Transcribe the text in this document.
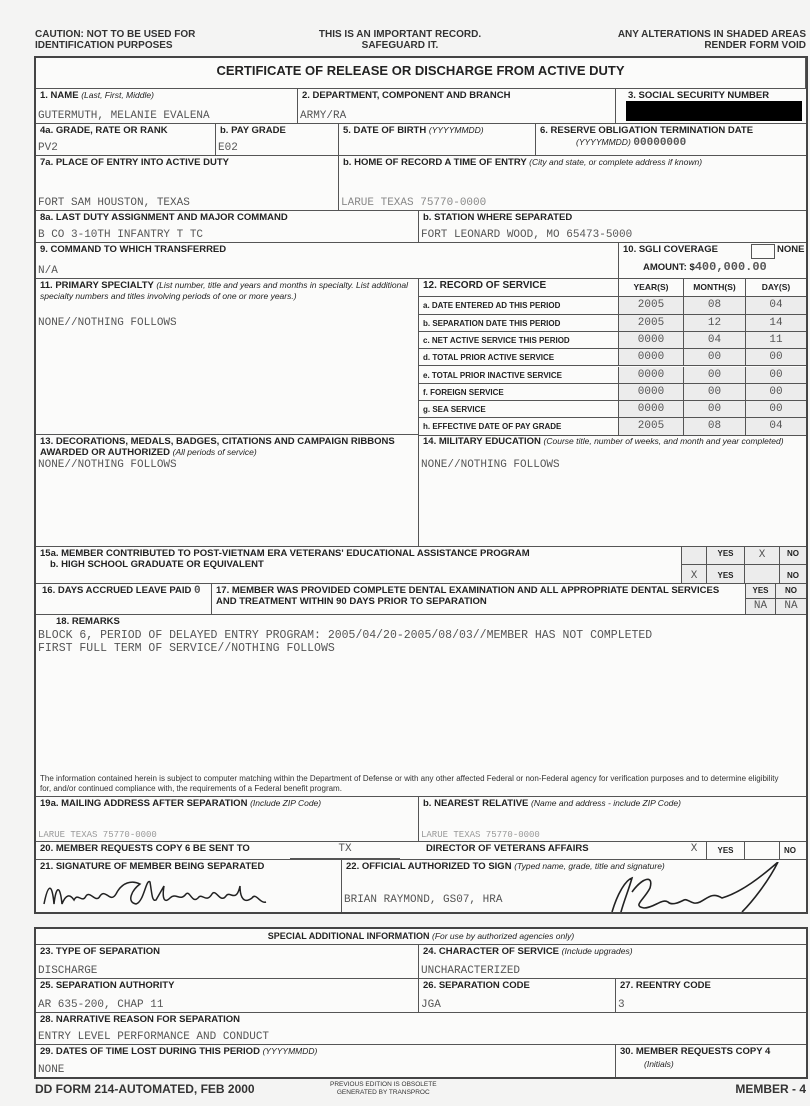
CAUTION: NOT TO BE USED FOR
IDENTIFICATION PURPOSES
THIS IS AN IMPORTANT RECORD.
SAFEGUARD IT.
ANY ALTERATIONS IN SHADED AREAS
RENDER FORM VOID
CERTIFICATE OF RELEASE OR DISCHARGE FROM ACTIVE DUTY
1. NAME (Last, First, Middle)
GUTERMUTH, MELANIE EVALENA
2. DEPARTMENT, COMPONENT AND BRANCH
ARMY/RA
3. SOCIAL SECURITY NUMBER
4a. GRADE, RATE OR RANK
PV2
b. PAY GRADE
E02
5. DATE OF BIRTH (YYYYMMDD)	6. RESERVE OBLIGATION TERMINATION DATE
(YYYYMMDD) 00000000
7a. PLACE OF ENTRY INTO ACTIVE DUTY
FORT SAM HOUSTON, TEXAS
b. HOME OF RECORD A TIME OF ENTRY (City and state, or complete address if known)
LARUE TEXAS 75770-0000
8a. LAST DUTY ASSIGNMENT AND MAJOR COMMAND
B CO 3-10TH INFANTRY T TC
b. STATION WHERE SEPARATED
FORT LEONARD WOOD, MO 65473-5000
9. COMMAND TO WHICH TRANSFERRED
N/A
10. SGLI COVERAGE	NONE
AMOUNT: $400,000.00
11. PRIMARY SPECIALTY (List number, title and years and months in specialty. List additional specialty numbers and titles involving periods of one or more years.)
NONE//NOTHING FOLLOWS
12. RECORD OF SERVICE	YEAR(S)	MONTH(S)	DAY(S)
a. DATE ENTERED AD THIS PERIOD	2005	08	04
b. SEPARATION DATE THIS PERIOD	2005	12	14
c. NET ACTIVE SERVICE THIS PERIOD	0000	04	11
d. TOTAL PRIOR ACTIVE SERVICE	0000	00	00
e. TOTAL PRIOR INACTIVE SERVICE	0000	00	00
f. FOREIGN SERVICE	0000	00	00
g. SEA SERVICE	0000	00	00
h. EFFECTIVE DATE OF PAY GRADE	2005	08	04
13. DECORATIONS, MEDALS, BADGES, CITATIONS AND CAMPAIGN RIBBONS AWARDED OR AUTHORIZED (All periods of service)
NONE//NOTHING FOLLOWS
14. MILITARY EDUCATION (Course title, number of weeks, and month and year completed)
NONE//NOTHING FOLLOWS
15a. MEMBER CONTRIBUTED TO POST-VIETNAM ERA VETERANS' EDUCATIONAL ASSISTANCE PROGRAM
b. HIGH SCHOOL GRADUATE OR EQUIVALENT
YES	X	NO
X	YES	NO
16. DAYS ACCRUED LEAVE PAID 0	17. MEMBER WAS PROVIDED COMPLETE DENTAL EXAMINATION AND ALL APPROPRIATE DENTAL SERVICES AND TREATMENT WITHIN 90 DAYS PRIOR TO SEPARATION
YES	NO
NA	NA
18. REMARKS
BLOCK 6, PERIOD OF DELAYED ENTRY PROGRAM: 2005/04/20-2005/08/03//MEMBER HAS NOT COMPLETED
FIRST FULL TERM OF SERVICE//NOTHING FOLLOWS
The information contained herein is subject to computer matching within the Department of Defense or with any other affected Federal or non-Federal agency for verification purposes and to determine eligibility for, and/or continued compliance with, the requirements of a Federal benefit program.
19a. MAILING ADDRESS AFTER SEPARATION (Include ZIP Code)
LARUE TEXAS 75770-0000
b. NEAREST RELATIVE (Name and address - include ZIP Code)
LARUE TEXAS 75770-0000
20. MEMBER REQUESTS COPY 6 BE SENT TO	TX	DIRECTOR OF VETERANS AFFAIRS	X	YES	NO
21. SIGNATURE OF MEMBER BEING SEPARATED	22. OFFICIAL AUTHORIZED TO SIGN (Typed name, grade, title and signature)
BRIAN RAYMOND, GS07, HRA
SPECIAL ADDITIONAL INFORMATION (For use by authorized agencies only)
23. TYPE OF SEPARATION
DISCHARGE
24. CHARACTER OF SERVICE (Include upgrades)
UNCHARACTERIZED
25. SEPARATION AUTHORITY
AR 635-200, CHAP 11
26. SEPARATION CODE
JGA
27. REENTRY CODE
3
28. NARRATIVE REASON FOR SEPARATION
ENTRY LEVEL PERFORMANCE AND CONDUCT
29. DATES OF TIME LOST DURING THIS PERIOD (YYYYMMDD)
NONE
30. MEMBER REQUESTS COPY 4
(Initials)
DD FORM 214-AUTOMATED, FEB 2000	PREVIOUS EDITION IS OBSOLETE
GENERATED BY TRANSPROC	MEMBER - 4
